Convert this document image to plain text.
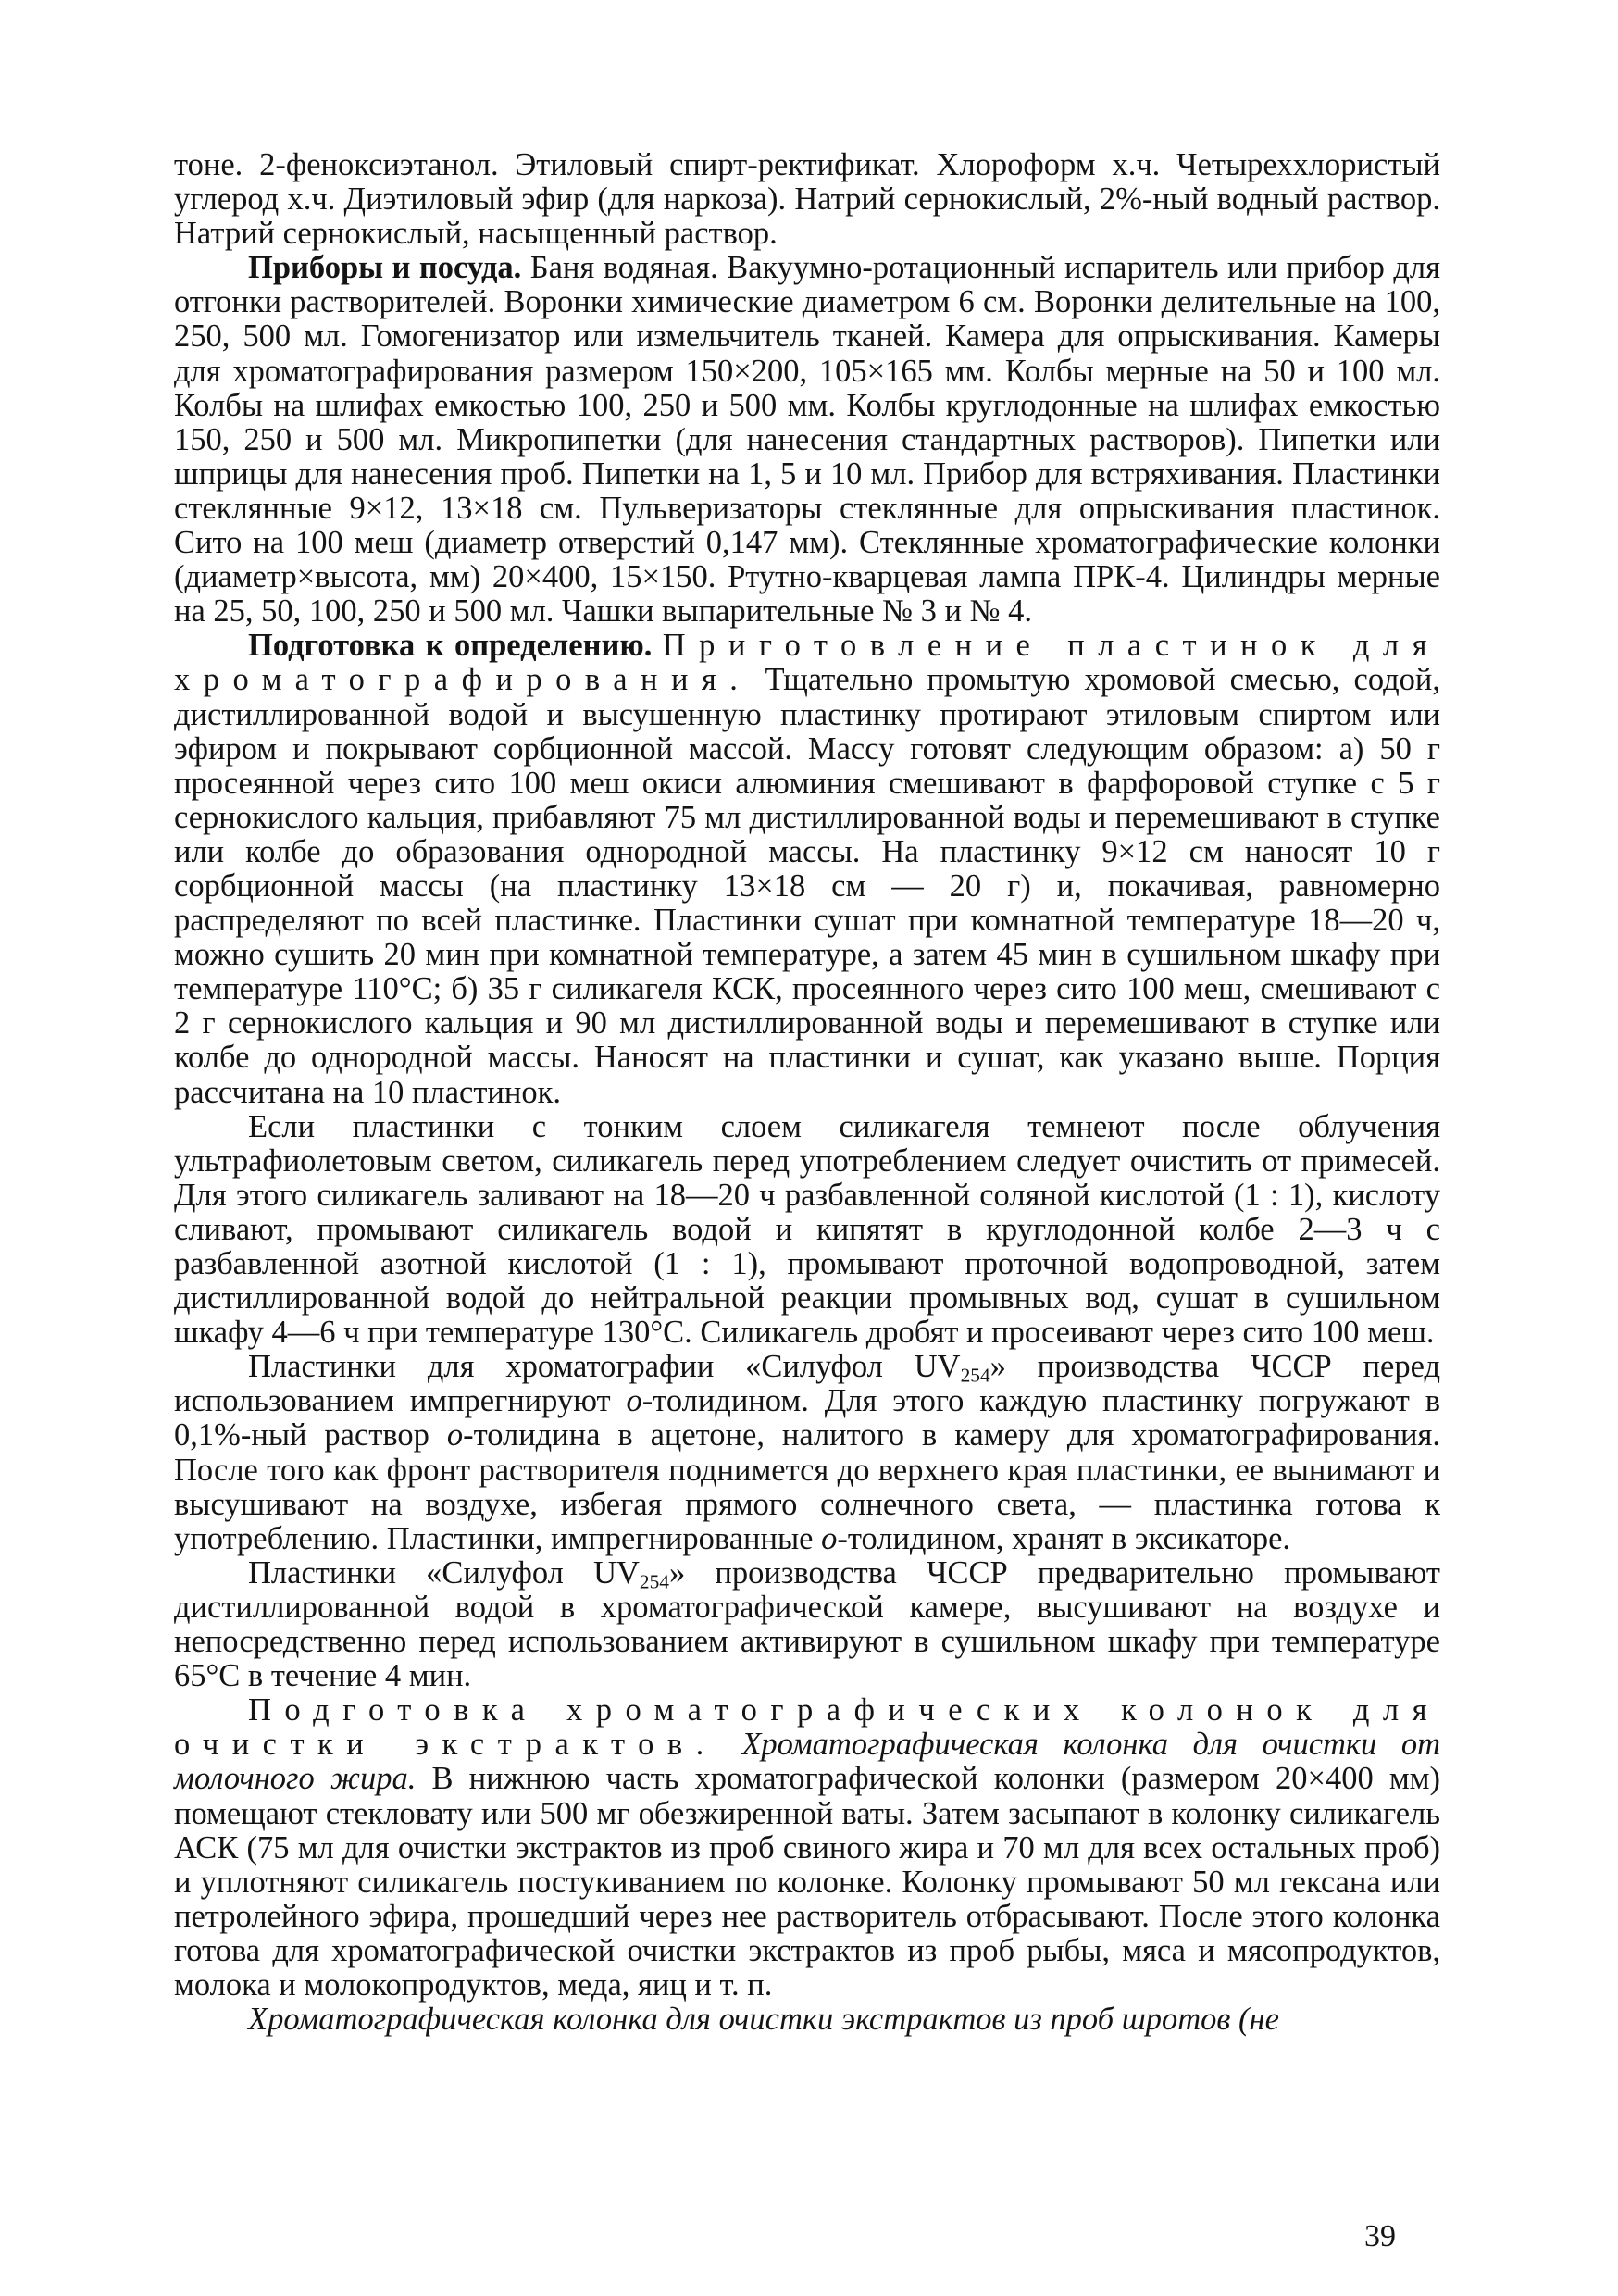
тоне. 2-феноксиэтанол. Этиловый спирт-ректификат. Хлороформ х.ч. Четыреххлористый углерод х.ч. Диэтиловый эфир (для наркоза). Натрий сернокислый, 2%-ный водный раствор. Натрий сернокислый, насыщенный раствор.

Приборы и посуда. Баня водяная. Вакуумно-ротационный испаритель или прибор для отгонки растворителей. Воронки химические диаметром 6 см. Воронки делительные на 100, 250, 500 мл. Гомогенизатор или измельчитель тканей. Камера для опрыскивания. Камеры для хроматографирования размером 150×200, 105×165 мм. Колбы мерные на 50 и 100 мл. Колбы на шлифах емкостью 100, 250 и 500 мм. Колбы круглодонные на шлифах емкостью 150, 250 и 500 мл. Микропипетки (для нанесения стандартных растворов). Пипетки или шприцы для нанесения проб. Пипетки на 1, 5 и 10 мл. Прибор для встряхивания. Пластинки стеклянные 9×12, 13×18 см. Пульверизаторы стеклянные для опрыскивания пластинок. Сито на 100 меш (диаметр отверстий 0,147 мм). Стеклянные хроматографические колонки (диаметр×высота, мм) 20×400, 15×150. Ртутно-кварцевая лампа ПРК-4. Цилиндры мерные на 25, 50, 100, 250 и 500 мл. Чашки выпарительные № 3 и № 4.

Подготовка к определению. Приготовление пластинок для хроматографирования. Тщательно промытую хромовой смесью, содой, дистиллированной водой и высушенную пластинку протирают этиловым спиртом или эфиром и покрывают сорбционной массой. Массу готовят следующим образом: а) 50 г просеянной через сито 100 меш окиси алюминия смешивают в фарфоровой ступке с 5 г сернокислого кальция, прибавляют 75 мл дистиллированной воды и перемешивают в ступке или колбе до образования однородной массы. На пластинку 9×12 см наносят 10 г сорбционной массы (на пластинку 13×18 см — 20 г) и, покачивая, равномерно распределяют по всей пластинке. Пластинки сушат при комнатной температуре 18—20 ч, можно сушить 20 мин при комнатной температуре, а затем 45 мин в сушильном шкафу при температуре 110°С; б) 35 г силикагеля КСК, просеянного через сито 100 меш, смешивают с 2 г сернокислого кальция и 90 мл дистиллированной воды и перемешивают в ступке или колбе до однородной массы. Наносят на пластинки и сушат, как указано выше. Порция рассчитана на 10 пластинок.

Если пластинки с тонким слоем силикагеля темнеют после облучения ультрафиолетовым светом, силикагель перед употреблением следует очистить от примесей. Для этого силикагель заливают на 18—20 ч разбавленной соляной кислотой (1 : 1), кислоту сливают, промывают силикагель водой и кипятят в круглодонной колбе 2—3 ч с разбавленной азотной кислотой (1 : 1), промывают проточной водопроводной, затем дистиллированной водой до нейтральной реакции промывных вод, сушат в сушильном шкафу 4—6 ч при температуре 130°С. Силикагель дробят и просеивают через сито 100 меш.

Пластинки для хроматографии «Силуфол $UV_{254}$» производства ЧССР перед использованием импрегнируют о-толидином. Для этого каждую пластинку погружают в 0,1%-ный раствор о-толидина в ацетоне, налитого в камеру для хроматографирования. После того как фронт растворителя поднимется до верхнего края пластинки, ее вынимают и высушивают на воздухе, избегая прямого солнечного света, — пластинка готова к употреблению. Пластинки, импрегнированные о-толидином, хранят в эксикаторе.

Пластинки «Силуфол $UV_{254}$» производства ЧССР предварительно промывают дистиллированной водой в хроматографической камере, высушивают на воздухе и непосредственно перед использованием активируют в сушильном шкафу при температуре 65°С в течение 4 мин.

Подготовка хроматографических колонок для очистки экстрактов. Хроматографическая колонка для очистки от молочного жира. В нижнюю часть хроматографической колонки (размером 20×400 мм) помещают стекловату или 500 мг обезжиренной ваты. Затем засыпают в колонку силикагель АСК (75 мл для очистки экстрактов из проб свиного жира и 70 мл для всех остальных проб) и уплотняют силикагель постукиванием по колонке. Колонку промывают 50 мл гексана или петролейного эфира, прошедший через нее растворитель отбрасывают. После этого колонка готова для хроматографической очистки экстрактов из проб рыбы, мяса и мясопродуктов, молока и молокопродуктов, меда, яиц и т. п.

Хроматографическая колонка для очистки экстрактов из проб шротов (не

39
